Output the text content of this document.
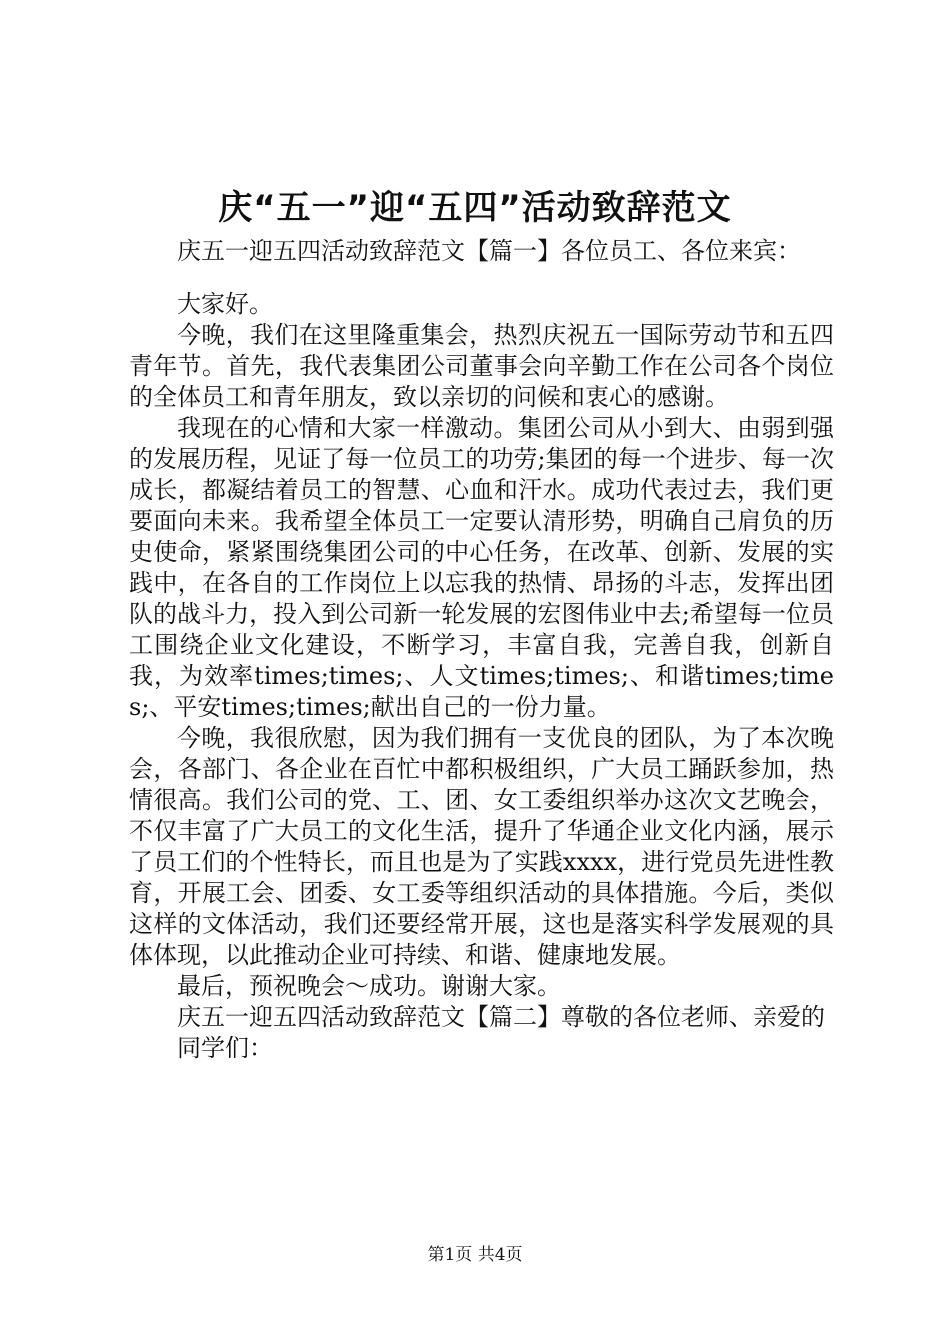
庆“五一”迎“五四”活动致辞范文

庆五一迎五四活动致辞范文【篇一】各位员工、各位来宾：

大家好。

今晚，我们在这里隆重集会，热烈庆祝五一国际劳动节和五四青年节。首先，我代表集团公司董事会向辛勤工作在公司各个岗位的全体员工和青年朋友，致以亲切的问候和衷心的感谢。

我现在的心情和大家一样激动。集团公司从小到大、由弱到强的发展历程，见证了每一位员工的功劳;集团的每一个进步、每一次成长，都凝结着员工的智慧、心血和汗水。成功代表过去，我们更要面向未来。我希望全体员工一定要认清形势，明确自己肩负的历史使命，紧紧围绕集团公司的中心任务，在改革、创新、发展的实践中，在各自的工作岗位上以忘我的热情、昂扬的斗志，发挥出团队的战斗力，投入到公司新一轮发展的宏图伟业中去;希望每一位员工围绕企业文化建设，不断学习，丰富自我，完善自我，创新自我，为效率times;times;、人文times;times;、和谐times;times;、平安times;times;献出自己的一份力量。

今晚，我很欣慰，因为我们拥有一支优良的团队，为了本次晚会，各部门、各企业在百忙中都积极组织，广大员工踊跃参加，热情很高。我们公司的党、工、团、女工委组织举办这次文艺晚会，不仅丰富了广大员工的文化生活，提升了华通企业文化内涵，展示了员工们的个性特长，而且也是为了实践xxxx，进行党员先进性教育，开展工会、团委、女工委等组织活动的具体措施。今后，类似这样的文体活动，我们还要经常开展，这也是落实科学发展观的具体体现，以此推动企业可持续、和谐、健康地发展。

最后，预祝晚会～成功。谢谢大家。

庆五一迎五四活动致辞范文【篇二】尊敬的各位老师、亲爱的

同学们：

第1页 共4页
